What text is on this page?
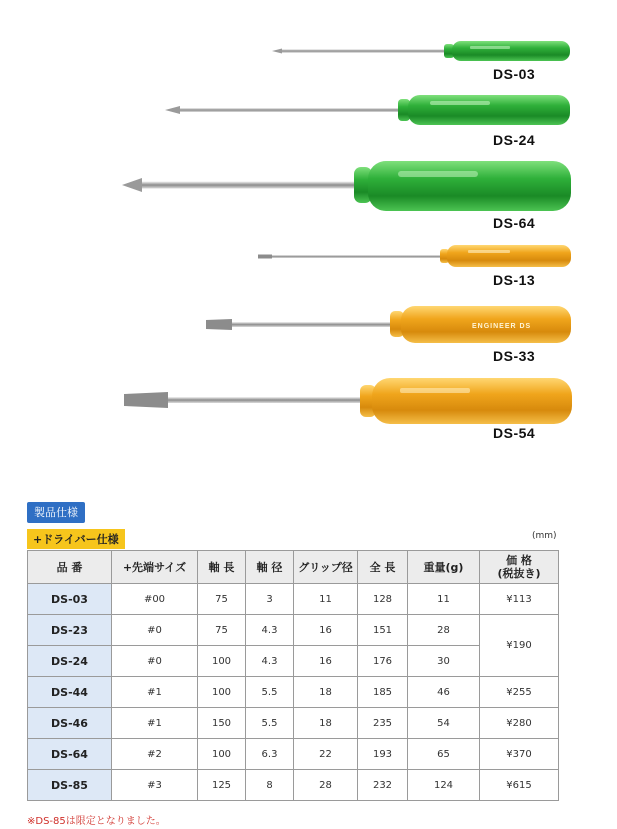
ENGINEER DS
DS-03
DS-24
DS-64
DS-13
DS-33
DS-54
製品仕様
+ドライバー仕様	(mm)
品 番	+先端サイズ	軸 長	軸 径	グリップ径	全 長	重量(g)	価 格
(税抜き)
DS-03	#00	75	3	11	128	11	¥113
DS-23	#0	75	4.3	16	151	28	¥190
DS-24	#0	100	4.3	16	176	30	
DS-44	#1	100	5.5	18	185	46	¥255
DS-46	#1	150	5.5	18	235	54	¥280
DS-64	#2	100	6.3	22	193	65	¥370
DS-85	#3	125	8	28	232	124	¥615
※DS-85は限定となりました。
